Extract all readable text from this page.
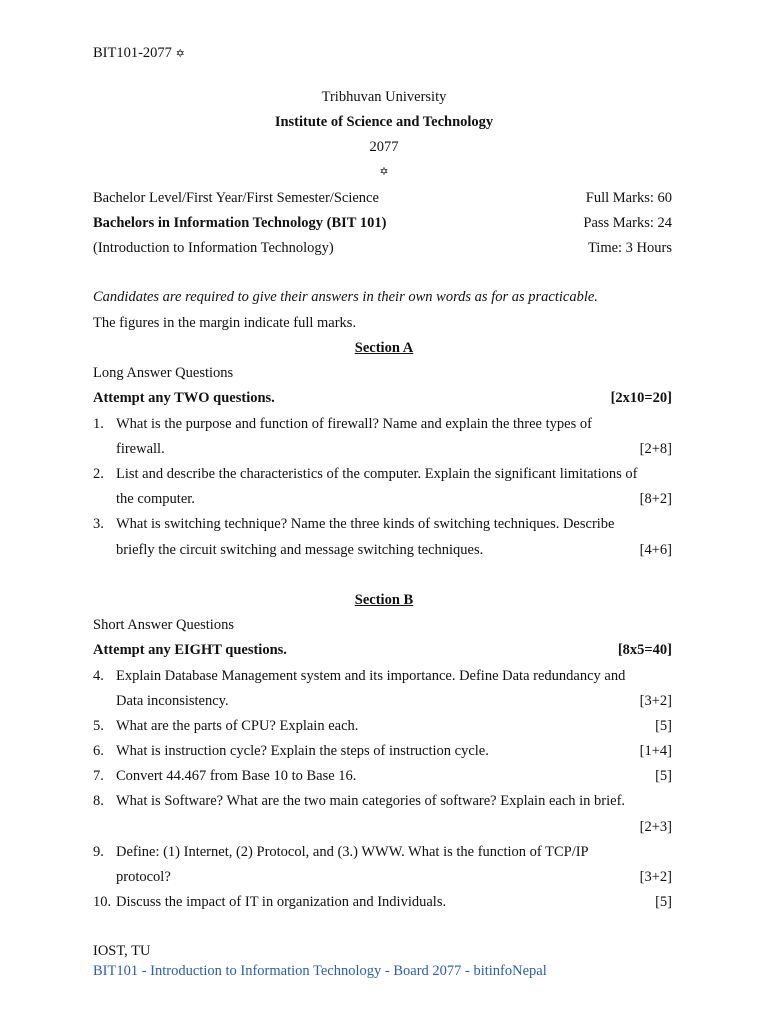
BIT101-2077 ✡
Tribhuvan University
Institute of Science and Technology
2077
✡
Bachelor Level/First Year/First Semester/Science	Full Marks: 60
Bachelors in Information Technology (BIT 101)	Pass Marks: 24
(Introduction to Information Technology)	Time: 3 Hours
Candidates are required to give their answers in their own words as for as practicable.
The figures in the margin indicate full marks.
Section A
Long Answer Questions
Attempt any TWO questions.	[2x10=20]
1. What is the purpose and function of firewall? Name and explain the three types of
firewall.	[2+8]
2. List and describe the characteristics of the computer. Explain the significant limitations of
the computer.	[8+2]
3. What is switching technique? Name the three kinds of switching techniques. Describe
briefly the circuit switching and message switching techniques.	[4+6]
Section B
Short Answer Questions
Attempt any EIGHT questions.	[8x5=40]
4. Explain Database Management system and its importance. Define Data redundancy and
Data inconsistency.	[3+2]
5. What are the parts of CPU? Explain each.	[5]
6. What is instruction cycle? Explain the steps of instruction cycle.	[1+4]
7. Convert 44.467 from Base 10 to Base 16.	[5]
8. What is Software? What are the two main categories of software? Explain each in brief.
[2+3]
9. Define: (1) Internet, (2) Protocol, and (3.) WWW. What is the function of TCP/IP
protocol?	[3+2]
10. Discuss the impact of IT in organization and Individuals.	[5]
IOST, TU
BIT101 - Introduction to Information Technology - Board 2077 - bitinfoNepal
